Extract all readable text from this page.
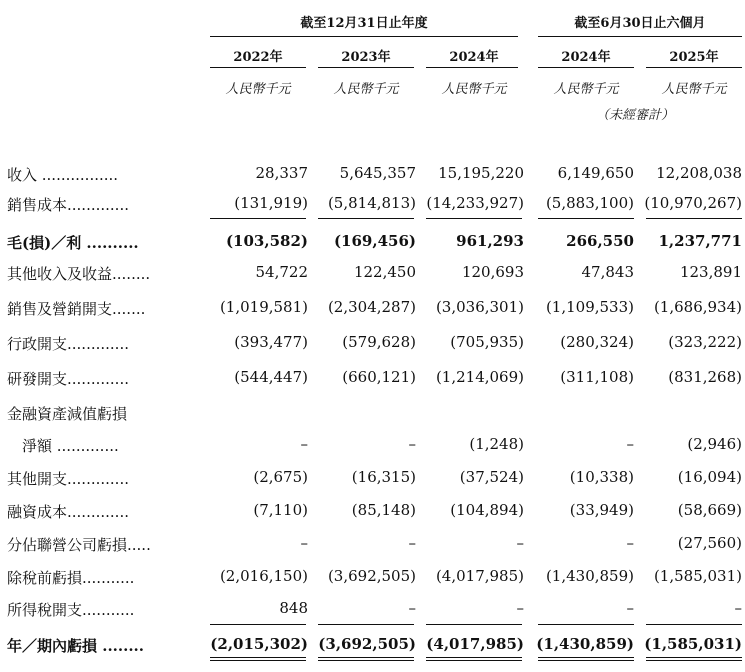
截至12月31日止年度	截至6月30日止六個月
2022年	2023年	2024年	2024年	2025年
人民幣千元	人民幣千元	人民幣千元	人民幣千元	人民幣千元
（未經審計）
收入 ................	28,337	5,645,357	15,195,220	6,149,650	12,208,038
銷售成本.............	(131,919)	(5,814,813) (14,233,927)	(5,883,100) (10,970,267)
毛(損)／利 ..........	(103,582)	(169,456)	961,293	266,550	1,237,771
其他收入及收益........	54,722	122,450	120,693	47,843	123,891
銷售及營銷開支.......	(1,019,581)	(2,304,287)	(3,036,301)	(1,109,533)	(1,686,934)
行政開支.............	(393,477)	(579,628)	(705,935)	(280,324)	(323,222)
研發開支.............	(544,447)	(660,121)	(1,214,069)	(311,108)	(831,268)
金融資產減值虧損
　淨額 .............	–	–	(1,248)	–	(2,946)
其他開支.............	(2,675)	(16,315)	(37,524)	(10,338)	(16,094)
融資成本.............	(7,110)	(85,148)	(104,894)	(33,949)	(58,669)
分佔聯營公司虧損.....	–	–	–	–	(27,560)
除稅前虧損...........	(2,016,150)	(3,692,505)	(4,017,985)	(1,430,859)	(1,585,031)
所得稅開支...........	848	–	–	–	–
年／期內虧損 ........	(2,015,302) (3,692,505) (4,017,985) (1,430,859) (1,585,031)
